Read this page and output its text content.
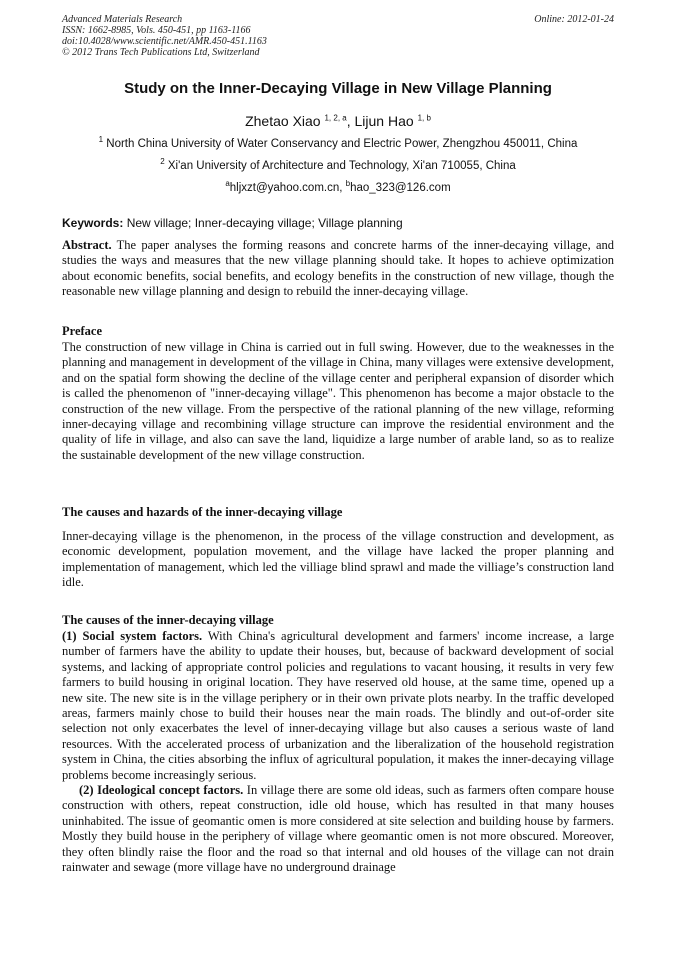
Advanced Materials Research
ISSN: 1662-8985, Vols. 450-451, pp 1163-1166
doi:10.4028/www.scientific.net/AMR.450-451.1163
© 2012 Trans Tech Publications Ltd, Switzerland
Online: 2012-01-24
Study on the Inner-Decaying Village in New Village Planning
Zhetao Xiao $^{1, 2, a}$, Lijun Hao $^{1, b}$
$^1$ North China University of Water Conservancy and Electric Power, Zhengzhou 450011, China
$^2$ Xi'an University of Architecture and Technology, Xi'an 710055, China
$^a$hljxzt@yahoo.com.cn, $^b$hao_323@126.com
Keywords: New village; Inner-decaying village; Village planning

Abstract. The paper analyses the forming reasons and concrete harms of the inner-decaying village, and studies the ways and measures that the new village planning should take. It hopes to achieve optimization about economic benefits, social benefits, and ecology benefits in the construction of new village, though the reasonable new village planning and design to rebuild the inner-decaying village.

Preface

The construction of new village in China is carried out in full swing. However, due to the weaknesses in the planning and management in development of the village in China, many villages were extensive development, and on the spatial form showing the decline of the village center and peripheral expansion of disorder which is called the phenomenon of "inner-decaying village". This phenomenon has become a major obstacle to the construction of the new village. From the perspective of the rational planning of the new village, reforming inner-decaying village and recombining village structure can improve the residential environment and the quality of life in village, and also can save the land, liquidize a large number of arable land, so as to realize the sustainable development of the new village construction.

The causes and hazards of the inner-decaying village

Inner-decaying village is the phenomenon, in the process of the village construction and development, as economic development, population movement, and the village have lacked the proper planning and implementation of management, which led the villiage blind sprawl and made the villiage’s construction land idle.

The causes of the inner-decaying village

(1) Social system factors. With China's agricultural development and farmers' income increase, a large number of farmers have the ability to update their houses, but, because of backward development of social systems, and lacking of appropriate control policies and regulations to vacant housing, it results in very few farmers to build housing in original location. They have reserved old house, at the same time, opened up a new site. The new site is in the village periphery or in their own private plots nearby. In the traffic developed areas, farmers mainly chose to build their houses near the main roads. The blindly and out-of-order site selection not only exacerbates the level of inner-decaying village but also causes a serious waste of land resources. With the accelerated process of urbanization and the liberalization of the household registration system in China, the cities absorbing the influx of agricultural population, it makes the inner-decaying village problems become increasingly serious.

(2) Ideological concept factors. In village there are some old ideas, such as farmers often compare house construction with others, repeat construction, idle old house, which has resulted in that many houses uninhabited. The issue of geomantic omen is more considered at site selection and building house by farmers. Mostly they build house in the periphery of village where geomantic omen is not more obscured. Moreover, they often blindly raise the floor and the road so that internal and old houses of the village can not drain rainwater and sewage (more village have no underground drainage
